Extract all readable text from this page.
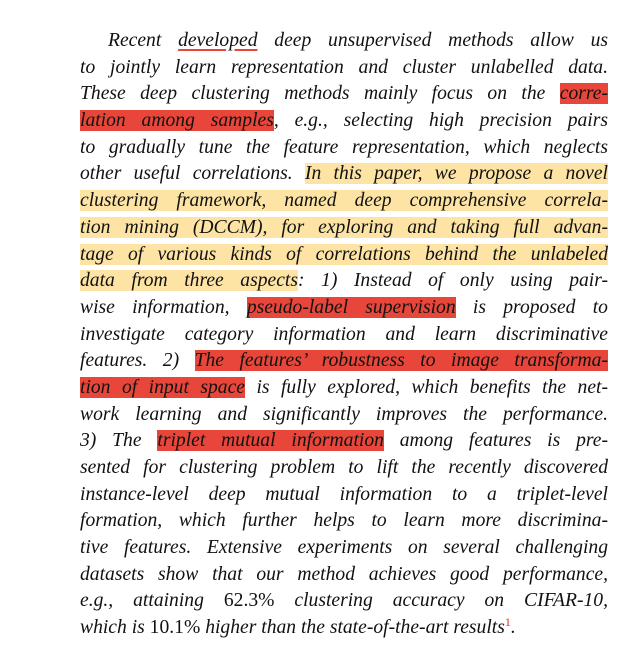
Recent developed deep unsupervised methods allow us
to jointly learn representation and cluster unlabelled data.
These deep clustering methods mainly focus on the corre-
lation among samples, e.g., selecting high precision pairs
to gradually tune the feature representation, which neglects
other useful correlations. In this paper, we propose a novel
clustering framework, named deep comprehensive correla-
tion mining (DCCM), for exploring and taking full advan-
tage of various kinds of correlations behind the unlabeled
data from three aspects: 1) Instead of only using pair-
wise information, pseudo-label supervision is proposed to
investigate category information and learn discriminative
features. 2) The features’ robustness to image transforma-
tion of input space is fully explored, which benefits the net-
work learning and significantly improves the performance.
3) The triplet mutual information among features is pre-
sented for clustering problem to lift the recently discovered
instance-level deep mutual information to a triplet-level
formation, which further helps to learn more discrimina-
tive features. Extensive experiments on several challenging
datasets show that our method achieves good performance,
e.g., attaining 62.3% clustering accuracy on CIFAR-10,
which is 10.1% higher than the state-of-the-art results$^1$.
